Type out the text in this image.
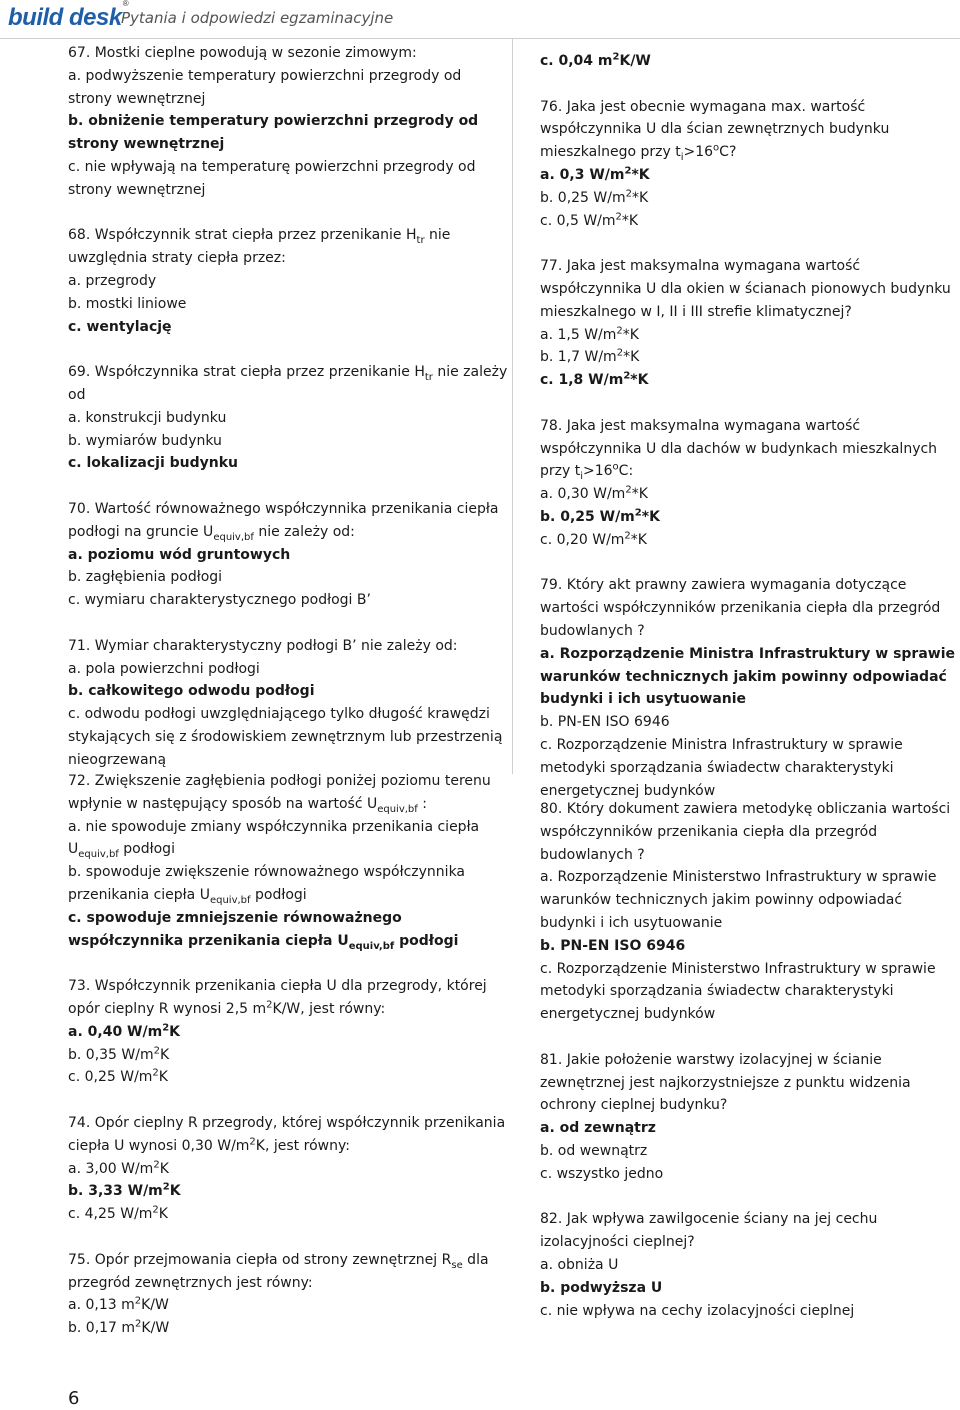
build desk®
Pytania i odpowiedzi egzaminacyjne

67. Mostki cieplne powodują w sezonie zimowym:

a. podwyższenie temperatury powierzchni przegrody od strony wewnętrznej

b. obniżenie temperatury powierzchni przegrody od strony wewnętrznej

c. nie wpływają na temperaturę powierzchni przegrody od strony wewnętrznej

68. Współczynnik strat ciepła przez przenikanie $H_{tr}$ nie uwzględnia straty ciepła przez:

a. przegrody

b. mostki liniowe

c. wentylację

69. Współczynnika strat ciepła przez przenikanie $H_{tr}$ nie zależy od

a. konstrukcji budynku

b. wymiarów budynku

c. lokalizacji budynku

70. Wartość równoważnego współczynnika przenikania ciepła podłogi na gruncie $U_{equiv,bf}$ nie zależy od:

a. poziomu wód gruntowych

b. zagłębienia podłogi

c. wymiaru charakterystycznego podłogi B’

71. Wymiar charakterystyczny podłogi B’ nie zależy od:

a. pola powierzchni podłogi

b. całkowitego odwodu podłogi

c. odwodu podłogi uwzględniającego tylko długość krawędzi stykających się z środowiskiem zewnętrznym lub przestrzenią nieogrzewaną

72. Zwiększenie zagłębienia podłogi poniżej poziomu terenu wpłynie w następujący sposób na wartość $U_{equiv,bf}$ :

a. nie spowoduje zmiany współczynnika przenikania ciepła $U_{equiv,bf}$ podłogi

b. spowoduje zwiększenie równoważnego współczynnika przenikania ciepła $U_{equiv,bf}$ podłogi

c. spowoduje zmniejszenie równoważnego współczynnika przenikania ciepła $U_{equiv,bf}$ podłogi

73. Współczynnik przenikania ciepła U dla przegrody, której opór cieplny R wynosi 2,5 $m^2K/W$, jest równy:

a. 0,40 $W/m^2K$

b. 0,35 $W/m^2K$

c. 0,25 $W/m^2K$

74. Opór cieplny R przegrody, której współczynnik przenikania ciepła U wynosi 0,30 $W/m^2K$, jest równy:

a. 3,00 $W/m^2K$

b. 3,33 $W/m^2K$

c. 4,25 $W/m^2K$

75. Opór przejmowania ciepła od strony zewnętrznej $R_{se}$ dla przegród zewnętrznych jest równy:

a. 0,13 $m^2K/W$

b. 0,17 $m^2K/W$

c. 0,04 $m^2K/W$

76. Jaka jest obecnie wymagana max. wartość współczynnika U dla ścian zewnętrznych budynku mieszkalnego przy $t_i>16^oC$?

a. 0,3 $W/m^2*K$

b. 0,25 $W/m^2*K$

c. 0,5 $W/m^2*K$

77. Jaka jest maksymalna wymagana wartość współczynnika U dla okien w ścianach pionowych budynku mieszkalnego w I, II i III strefie klimatycznej?

a. 1,5 $W/m^2*K$

b. 1,7 $W/m^2*K$

c. 1,8 $W/m^2*K$

78. Jaka jest maksymalna wymagana wartość współczynnika U dla dachów w budynkach mieszkalnych przy $t_i>16^oC$:

a. 0,30 $W/m^2*K$

b. 0,25 $W/m^2*K$

c. 0,20 $W/m^2*K$

79. Który akt prawny zawiera wymagania dotyczące wartości współczynników przenikania ciepła dla przegród budowlanych ?

a. Rozporządzenie Ministra Infrastruktury w sprawie warunków technicznych jakim powinny odpowiadać budynki i ich usytuowanie

b. PN-EN ISO 6946

c. Rozporządzenie Ministra Infrastruktury w sprawie metodyki sporządzania świadectw charakterystyki energetycznej budynków

80. Który dokument zawiera metodykę obliczania wartości współczynników przenikania ciepła dla przegród budowlanych ?

a. Rozporządzenie Ministerstwo Infrastruktury w sprawie warunków technicznych jakim powinny odpowiadać budynki i ich usytuowanie

b. PN-EN ISO 6946

c. Rozporządzenie Ministerstwo Infrastruktury w sprawie metodyki sporządzania świadectw charakterystyki energetycznej budynków

81. Jakie położenie warstwy izolacyjnej w ścianie zewnętrznej jest najkorzystniejsze z punktu widzenia ochrony cieplnej budynku?

a. od zewnątrz

b. od wewnątrz

c. wszystko jedno

82. Jak wpływa zawilgocenie ściany na jej cechu izolacyjności cieplnej?

a. obniża U

b. podwyższa U

c. nie wpływa na cechy izolacyjności cieplnej

6
